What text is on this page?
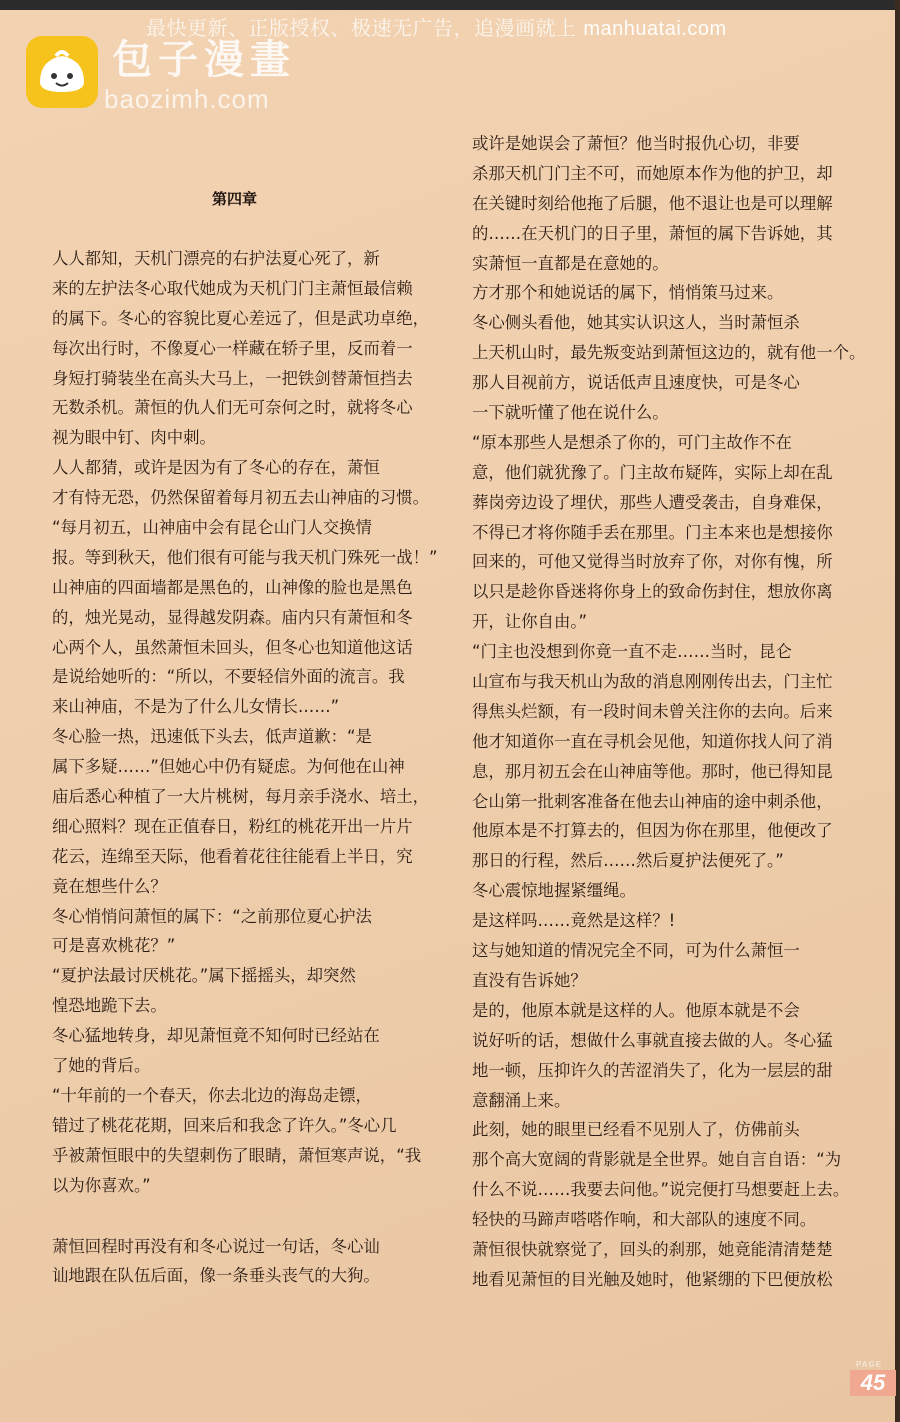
最快更新、正版授权、极速无广告，追漫画就上 manhuatai.com
包子漫畫
baozimh.com
第四章
人人都知，天机门漂亮的右护法夏心死了，新
来的左护法冬心取代她成为天机门门主萧恒最信赖
的属下。冬心的容貌比夏心差远了，但是武功卓绝，
每次出行时，不像夏心一样藏在轿子里，反而着一
身短打骑装坐在高头大马上，一把铁剑替萧恒挡去
无数杀机。萧恒的仇人们无可奈何之时，就将冬心
视为眼中钉、肉中刺。
人人都猜，或许是因为有了冬心的存在，萧恒
才有恃无恐，仍然保留着每月初五去山神庙的习惯。
“每月初五，山神庙中会有昆仑山门人交换情
报。等到秋天，他们很有可能与我天机门殊死一战！”
山神庙的四面墙都是黑色的，山神像的脸也是黑色
的，烛光晃动，显得越发阴森。庙内只有萧恒和冬
心两个人，虽然萧恒未回头，但冬心也知道他这话
是说给她听的：“所以，不要轻信外面的流言。我
来山神庙，不是为了什么儿女情长……”
冬心脸一热，迅速低下头去，低声道歉：“是
属下多疑……”但她心中仍有疑虑。为何他在山神
庙后悉心种植了一大片桃树，每月亲手浇水、培土，
细心照料？现在正值春日，粉红的桃花开出一片片
花云，连绵至天际，他看着花往往能看上半日，究
竟在想些什么？
冬心悄悄问萧恒的属下：“之前那位夏心护法
可是喜欢桃花？”
“夏护法最讨厌桃花。”属下摇摇头，却突然
惶恐地跪下去。
冬心猛地转身，却见萧恒竟不知何时已经站在
了她的背后。
“十年前的一个春天，你去北边的海岛走镖，
错过了桃花花期，回来后和我念了许久。”冬心几
乎被萧恒眼中的失望刺伤了眼睛，萧恒寒声说，“我
以为你喜欢。”
萧恒回程时再没有和冬心说过一句话，冬心讪
讪地跟在队伍后面，像一条垂头丧气的大狗。
或许是她误会了萧恒？他当时报仇心切，非要
杀那天机门门主不可，而她原本作为他的护卫，却
在关键时刻给他拖了后腿，他不退让也是可以理解
的……在天机门的日子里，萧恒的属下告诉她，其
实萧恒一直都是在意她的。
方才那个和她说话的属下，悄悄策马过来。
冬心侧头看他，她其实认识这人，当时萧恒杀
上天机山时，最先叛变站到萧恒这边的，就有他一个。
那人目视前方，说话低声且速度快，可是冬心
一下就听懂了他在说什么。
“原本那些人是想杀了你的，可门主故作不在
意，他们就犹豫了。门主故布疑阵，实际上却在乱
葬岗旁边设了埋伏，那些人遭受袭击，自身难保，
不得已才将你随手丢在那里。门主本来也是想接你
回来的，可他又觉得当时放弃了你，对你有愧，所
以只是趁你昏迷将你身上的致命伤封住，想放你离
开，让你自由。”
“门主也没想到你竟一直不走……当时，昆仑
山宣布与我天机山为敌的消息刚刚传出去，门主忙
得焦头烂额，有一段时间未曾关注你的去向。后来
他才知道你一直在寻机会见他，知道你找人问了消
息，那月初五会在山神庙等他。那时，他已得知昆
仑山第一批刺客准备在他去山神庙的途中刺杀他，
他原本是不打算去的，但因为你在那里，他便改了
那日的行程，然后……然后夏护法便死了。”
冬心震惊地握紧缰绳。
是这样吗……竟然是这样？!
这与她知道的情况完全不同，可为什么萧恒一
直没有告诉她？
是的，他原本就是这样的人。他原本就是不会
说好听的话，想做什么事就直接去做的人。冬心猛
地一顿，压抑许久的苦涩消失了，化为一层层的甜
意翻涌上来。
此刻，她的眼里已经看不见别人了，仿佛前头
那个高大宽阔的背影就是全世界。她自言自语：“为
什么不说……我要去问他。”说完便打马想要赶上去。
轻快的马蹄声嗒嗒作响，和大部队的速度不同。
萧恒很快就察觉了，回头的刹那，她竟能清清楚楚
地看见萧恒的目光触及她时，他紧绷的下巴便放松
PAGE
45
